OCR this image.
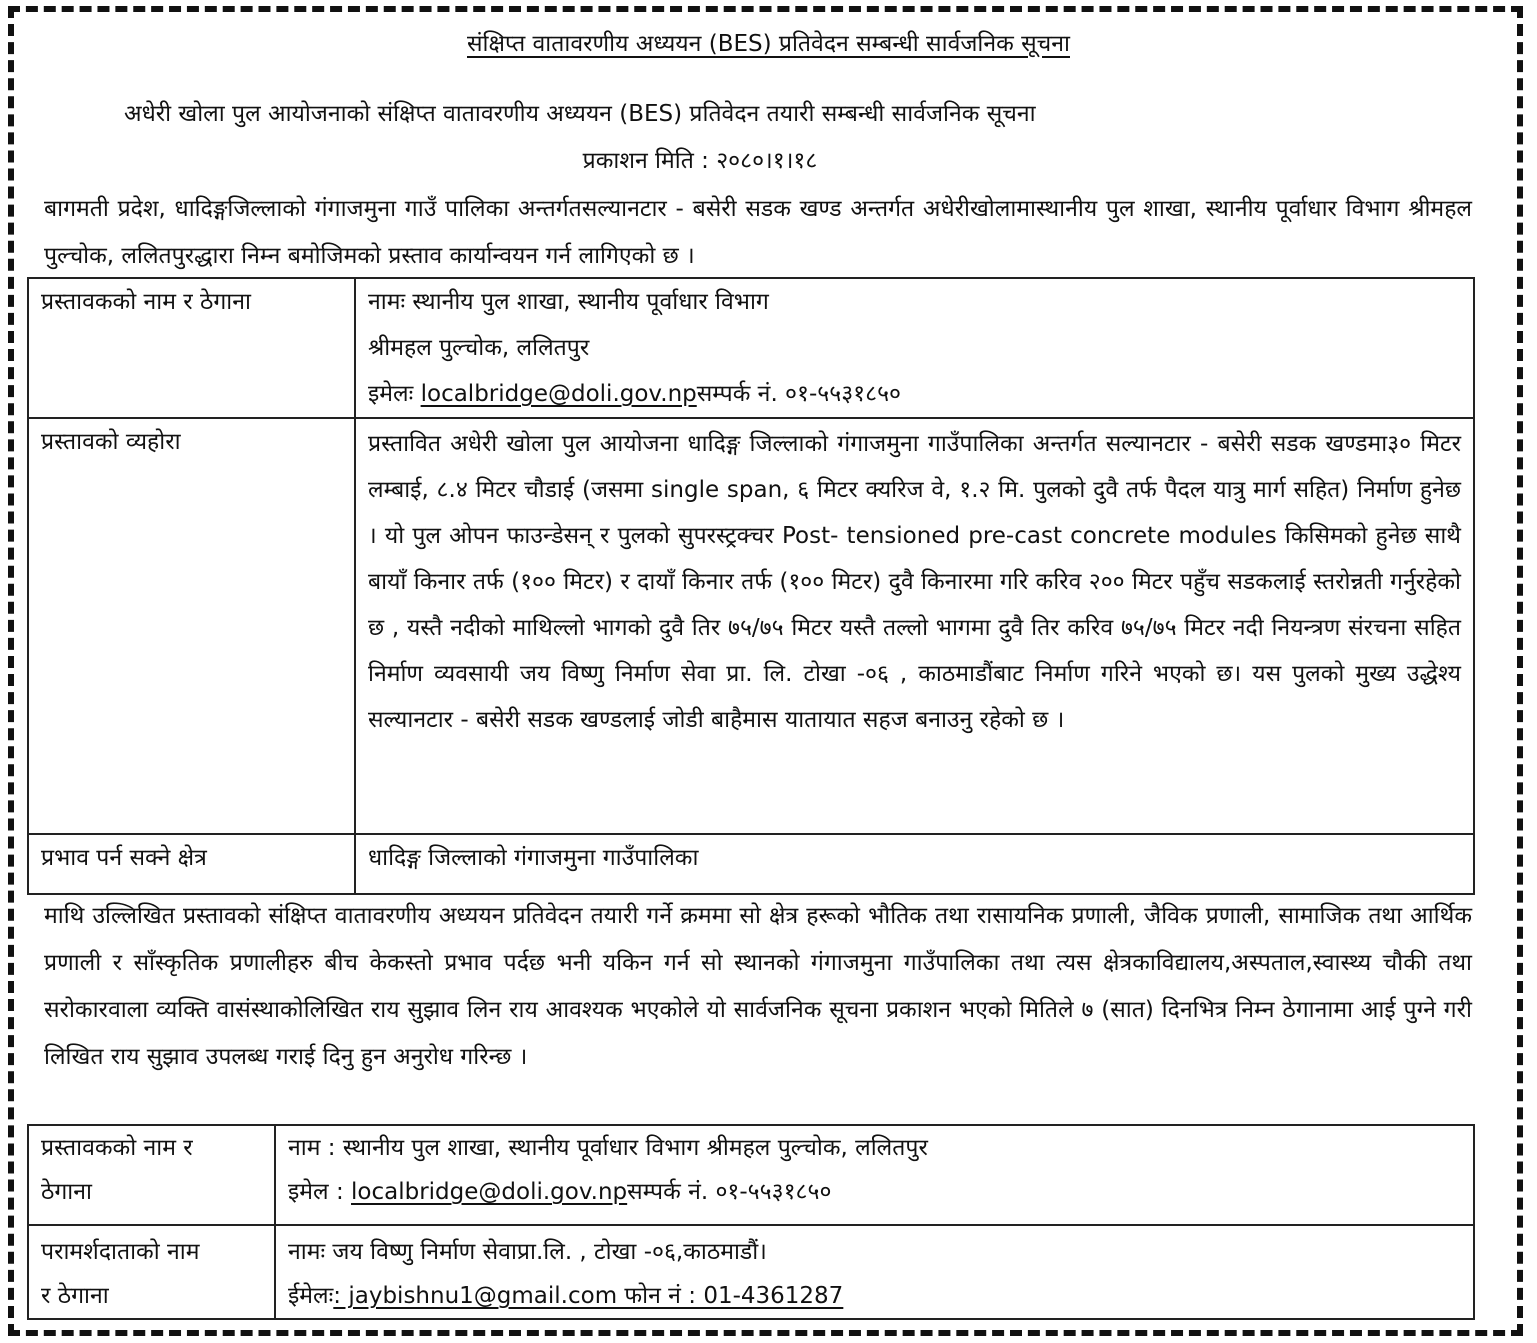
संक्षिप्त वातावरणीय अध्ययन (BES) प्रतिवेदन सम्बन्धी सार्वजनिक सूचना
अधेरी खोला पुल आयोजनाको संक्षिप्त वातावरणीय अध्ययन (BES) प्रतिवेदन तयारी सम्बन्धी सार्वजनिक सूचना
प्रकाशन मिति : २०८०।१।१८
बागमती प्रदेश, धादिङ्गजिल्लाको गंगाजमुना गाउँ पालिका अन्तर्गतसल्यानटार - बसेरी सडक खण्ड अन्तर्गत अधेरीखोलामास्थानीय पुल शाखा, स्थानीय पूर्वाधार विभाग श्रीमहल पुल्चोक, ललितपुरद्धारा निम्न बमोजिमको प्रस्ताव कार्यान्वयन गर्न लागिएको छ ।
प्रस्तावकको नाम र ठेगाना	नामः स्थानीय पुल शाखा, स्थानीय पूर्वाधार विभाग
श्रीमहल पुल्चोक, ललितपुर
इमेलः localbridge@doli.gov.npसम्पर्क नं. ०१-५५३१८५०

प्रस्तावको व्यहोरा	प्रस्तावित अधेरी खोला पुल आयोजना धादिङ्ग जिल्लाको गंगाजमुना गाउँपालिका अन्तर्गत सल्यानटार - बसेरी सडक खण्डमा३० मिटर लम्बाई, ८.४ मिटर चौडाई (जसमा single span, ६ मिटर क्यरिज वे, १.२ मि. पुलको दुवै तर्फ पैदल यात्रु मार्ग सहित) निर्माण हुनेछ । यो पुल ओपन फाउन्डेसन् र पुलको सुपरस्ट्रक्चर Post- tensioned pre-cast concrete modules किसिमको हुनेछ साथै बायाँ किनार तर्फ (१०० मिटर) र दायाँ किनार तर्फ (१०० मिटर) दुवै किनारमा गरि करिव २०० मिटर पहुँच सडकलाई स्तरोन्नती गर्नुरहेको छ , यस्तै नदीको माथिल्लो भागको दुवै तिर ७५/७५ मिटर यस्तै तल्लो भागमा दुवै तिर करिव ७५/७५ मिटर नदी नियन्त्रण संरचना सहित निर्माण व्यवसायी जय विष्णु निर्माण सेवा प्रा. लि. टोखा -०६ , काठमाडौंबाट निर्माण गरिने भएको छ। यस पुलको मुख्य उद्धेश्य सल्यानटार - बसेरी सडक खण्डलाई जोडी बाहैमास यातायात सहज बनाउनु रहेको छ ।

प्रभाव पर्न सक्ने क्षेत्र	धादिङ्ग जिल्लाको गंगाजमुना गाउँपालिका
माथि उल्लिखित प्रस्तावको संक्षिप्त वातावरणीय अध्ययन प्रतिवेदन तयारी गर्ने क्रममा सो क्षेत्र हरूको भौतिक तथा रासायनिक प्रणाली, जैविक प्रणाली, सामाजिक तथा आर्थिक प्रणाली र साँस्कृतिक प्रणालीहरु बीच केकस्तो प्रभाव पर्दछ भनी यकिन गर्न सो स्थानको गंगाजमुना गाउँपालिका तथा त्यस क्षेत्रकाविद्यालय,अस्पताल,स्वास्थ्य चौकी तथा सरोकारवाला व्यक्ति वासंस्थाकोलिखित राय सुझाव लिन राय आवश्यक भएकोले यो सार्वजनिक सूचना प्रकाशन भएको मितिले ७ (सात) दिनभित्र निम्न ठेगानामा आई पुग्ने गरी लिखित राय सुझाव उपलब्ध गराई दिनु हुन अनुरोध गरिन्छ ।
प्रस्तावकको नाम र
ठेगाना	नाम : स्थानीय पुल शाखा, स्थानीय पूर्वाधार विभाग श्रीमहल पुल्चोक, ललितपुर
इमेल : localbridge@doli.gov.npसम्पर्क नं. ०१-५५३१८५०

परामर्शदाताको नाम
र ठेगाना	नामः जय विष्णु निर्माण सेवाप्रा.लि. , टोखा -०६,काठमाडौं।
ईमेलः: jaybishnu1@gmail.com फोन नं : 01-4361287
